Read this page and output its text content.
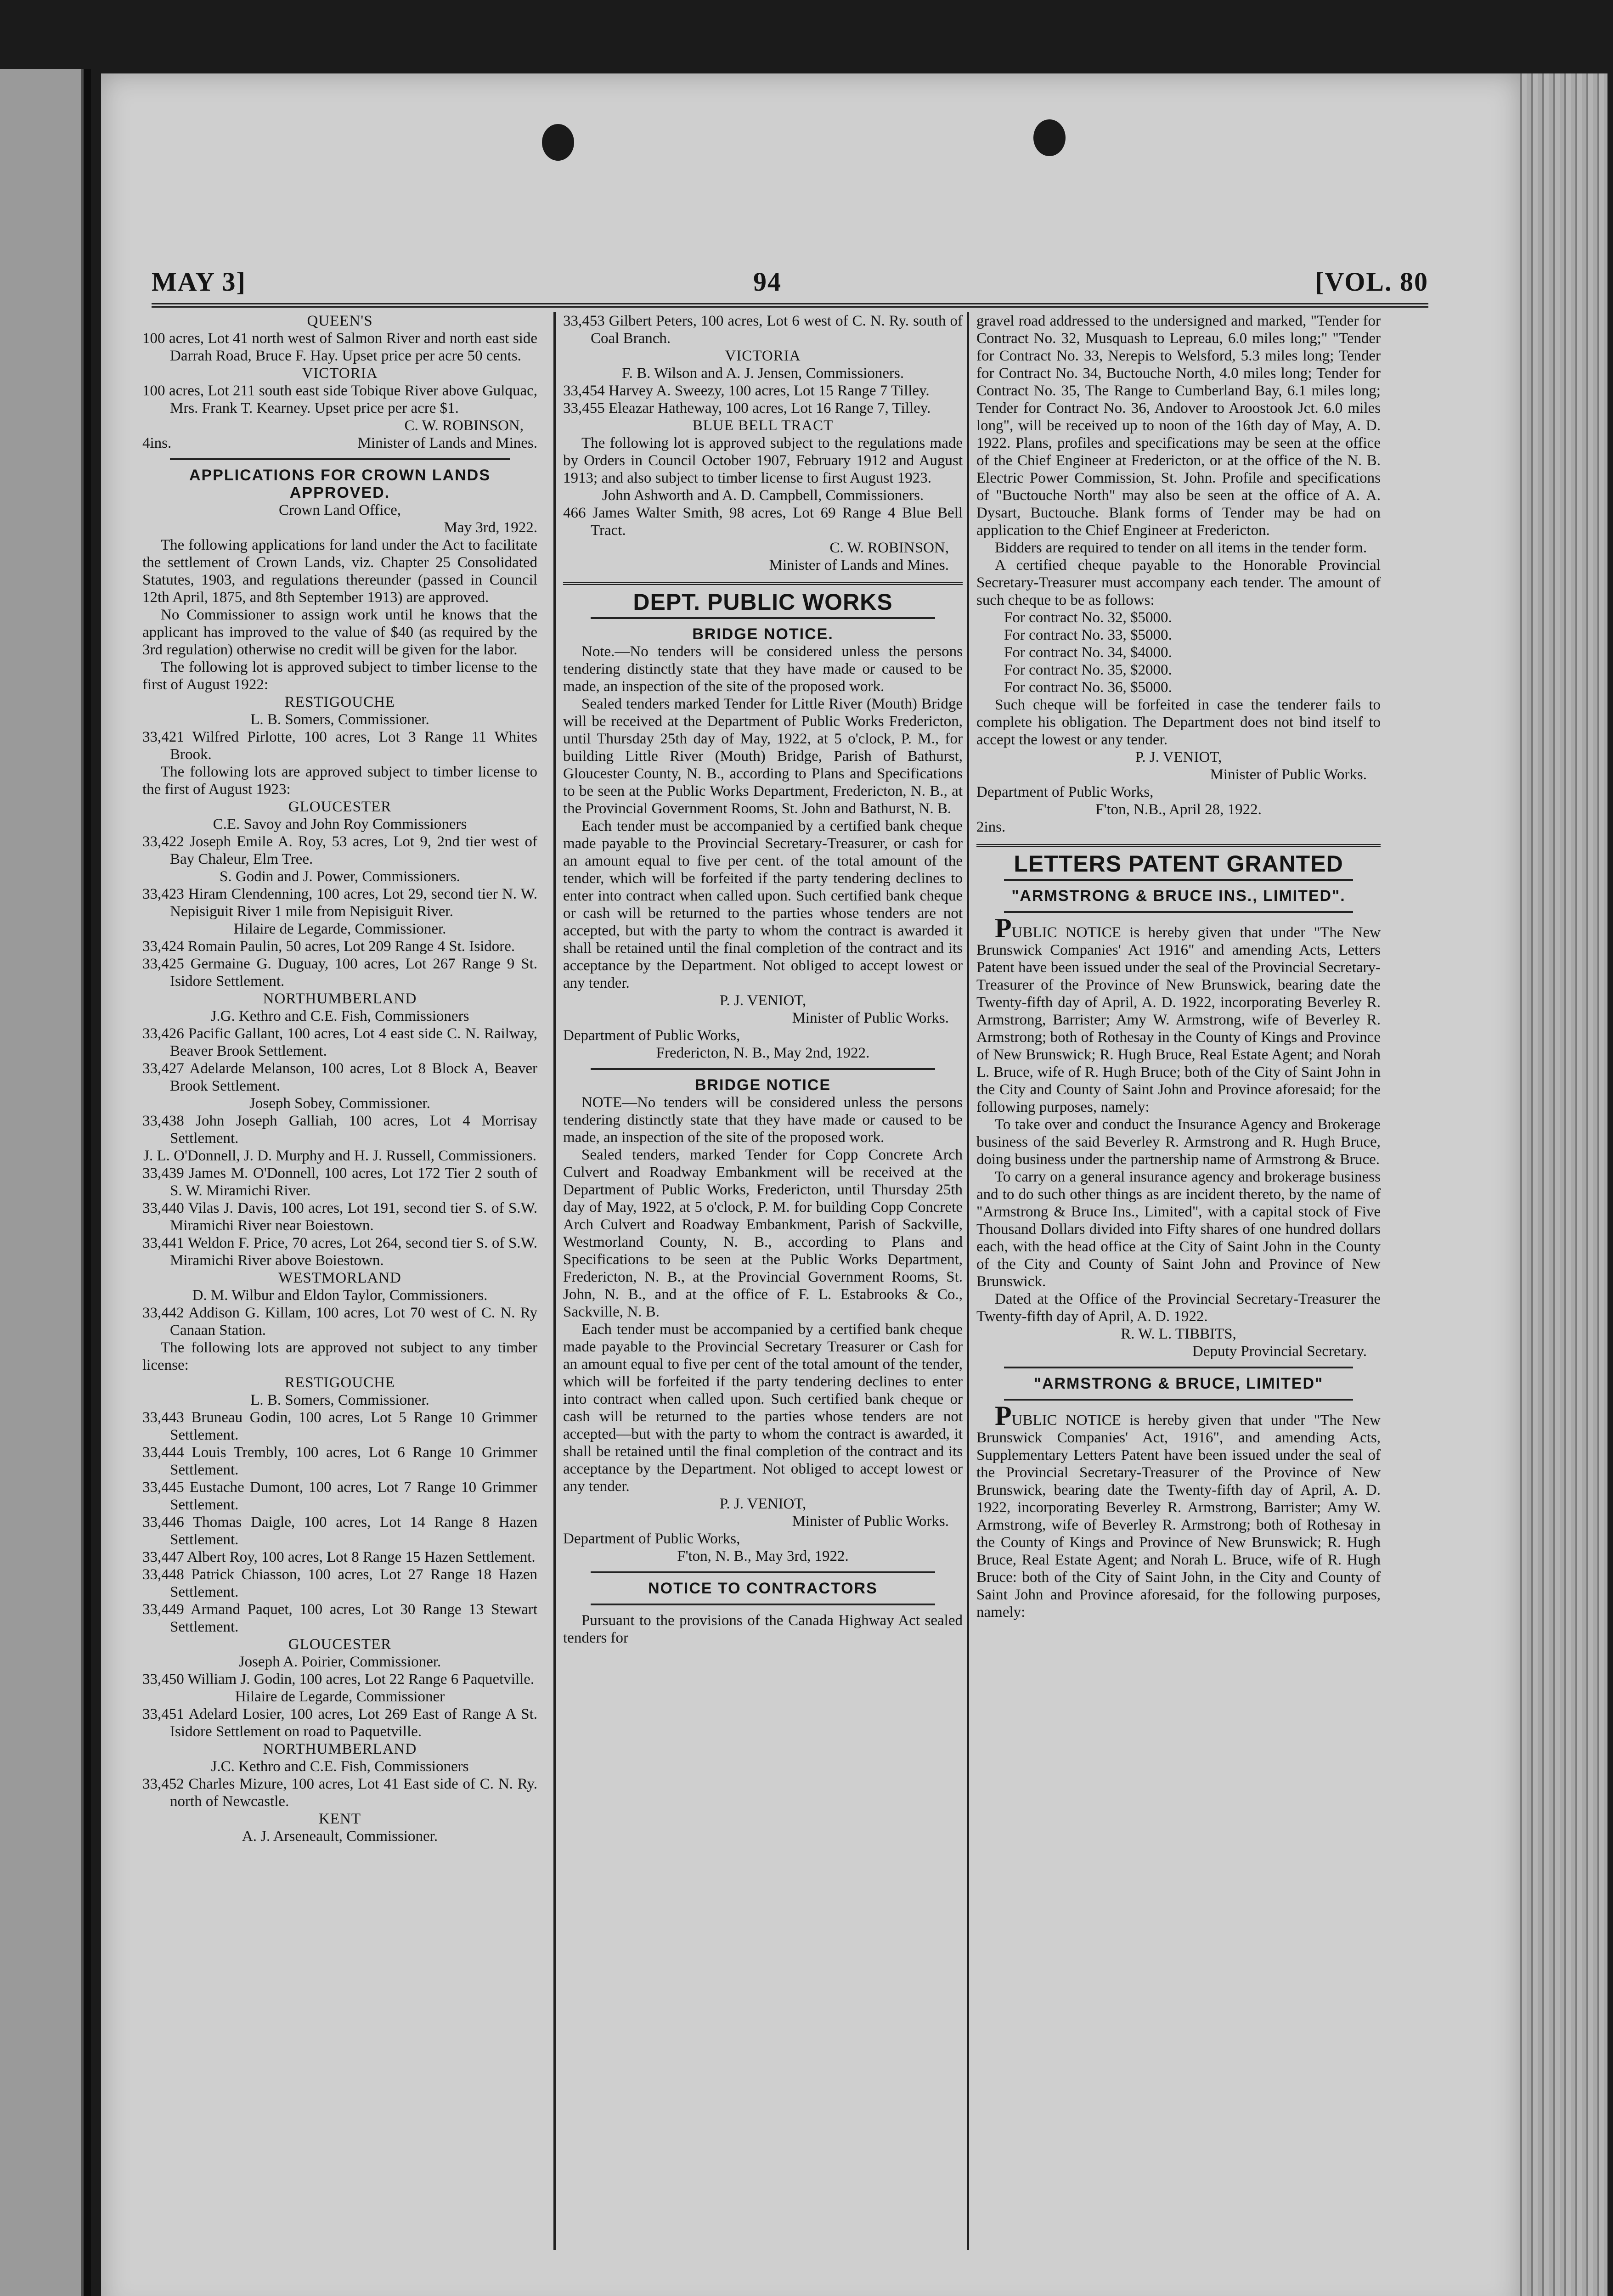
MAY 3]	94	[VOL. 80

QUEEN'S

100 acres, Lot 41 north west of Salmon River and north east side Darrah Road, Bruce F. Hay. Upset price per acre 50 cents.

VICTORIA

100 acres, Lot 211 south east side Tobique River above Gulquac, Mrs. Frank T. Kearney. Upset price per acre $1.

C. W. ROBINSON,

4ins.	Minister of Lands and Mines.

APPLICATIONS FOR CROWN LANDS APPROVED.

Crown Land Office,

May 3rd, 1922.

The following applications for land under the Act to facilitate the settlement of Crown Lands, viz. Chapter 25 Consolidated Statutes, 1903, and regulations thereunder (passed in Council 12th April, 1875, and 8th September 1913) are approved.

No Commissioner to assign work until he knows that the applicant has improved to the value of $40 (as required by the 3rd regulation) otherwise no credit will be given for the labor.

The following lot is approved subject to timber license to the first of August 1922:

RESTIGOUCHE

L. B. Somers, Commissioner.

33,421 Wilfred Pirlotte, 100 acres, Lot 3 Range 11 Whites Brook.

The following lots are approved subject to timber license to the first of August 1923:

GLOUCESTER

C.E. Savoy and John Roy Commissioners

33,422 Joseph Emile A. Roy, 53 acres, Lot 9, 2nd tier west of Bay Chaleur, Elm Tree.

S. Godin and J. Power, Commissioners.

33,423 Hiram Clendenning, 100 acres, Lot 29, second tier N. W. Nepisiguit River 1 mile from Nepisiguit River.

Hilaire de Legarde, Commissioner.

33,424 Romain Paulin, 50 acres, Lot 209 Range 4 St. Isidore.

33,425 Germaine G. Duguay, 100 acres, Lot 267 Range 9 St. Isidore Settlement.

NORTHUMBERLAND

J.G. Kethro and C.E. Fish, Commissioners

33,426 Pacific Gallant, 100 acres, Lot 4 east side C. N. Railway, Beaver Brook Settlement.

33,427 Adelarde Melanson, 100 acres, Lot 8 Block A, Beaver Brook Settlement.

Joseph Sobey, Commissioner.

33,438 John Joseph Galliah, 100 acres, Lot 4 Morrisay Settlement.

J. L. O'Donnell, J. D. Murphy and H. J. Russell, Commissioners.

33,439 James M. O'Donnell, 100 acres, Lot 172 Tier 2 south of S. W. Miramichi River.

33,440 Vilas J. Davis, 100 acres, Lot 191, second tier S. of S.W. Miramichi River near Boiestown.

33,441 Weldon F. Price, 70 acres, Lot 264, second tier S. of S.W. Miramichi River above Boiestown.

WESTMORLAND

D. M. Wilbur and Eldon Taylor, Commissioners.

33,442 Addison G. Killam, 100 acres, Lot 70 west of C. N. Ry Canaan Station.

The following lots are approved not subject to any timber license:

RESTIGOUCHE

L. B. Somers, Commissioner.

33,443 Bruneau Godin, 100 acres, Lot 5 Range 10 Grimmer Settlement.

33,444 Louis Trembly, 100 acres, Lot 6 Range 10 Grimmer Settlement.

33,445 Eustache Dumont, 100 acres, Lot 7 Range 10 Grimmer Settlement.

33,446 Thomas Daigle, 100 acres, Lot 14 Range 8 Hazen Settlement.

33,447 Albert Roy, 100 acres, Lot 8 Range 15 Hazen Settlement.

33,448 Patrick Chiasson, 100 acres, Lot 27 Range 18 Hazen Settlement.

33,449 Armand Paquet, 100 acres, Lot 30 Range 13 Stewart Settlement.

GLOUCESTER

Joseph A. Poirier, Commissioner.

33,450 William J. Godin, 100 acres, Lot 22 Range 6 Paquetville.

Hilaire de Legarde, Commissioner

33,451 Adelard Losier, 100 acres, Lot 269 East of Range A St. Isidore Settlement on road to Paquetville.

NORTHUMBERLAND

J.C. Kethro and C.E. Fish, Commissioners

33,452 Charles Mizure, 100 acres, Lot 41 East side of C. N. Ry. north of Newcastle.

KENT

A. J. Arseneault, Commissioner.

33,453 Gilbert Peters, 100 acres, Lot 6 west of C. N. Ry. south of Coal Branch.

VICTORIA

F. B. Wilson and A. J. Jensen, Commissioners.

33,454 Harvey A. Sweezy, 100 acres, Lot 15 Range 7 Tilley.

33,455 Eleazar Hatheway, 100 acres, Lot 16 Range 7, Tilley.

BLUE BELL TRACT

The following lot is approved subject to the regulations made by Orders in Council October 1907, February 1912 and August 1913; and also subject to timber license to first August 1923.

John Ashworth and A. D. Campbell, Commissioners.

466 James Walter Smith, 98 acres, Lot 69 Range 4 Blue Bell Tract.

C. W. ROBINSON,

Minister of Lands and Mines.

DEPT. PUBLIC WORKS

BRIDGE NOTICE.

Note.—No tenders will be considered unless the persons tendering distinctly state that they have made or caused to be made, an inspection of the site of the proposed work.

Sealed tenders marked Tender for Little River (Mouth) Bridge will be received at the Department of Public Works Fredericton, until Thursday 25th day of May, 1922, at 5 o'clock, P. M., for building Little River (Mouth) Bridge, Parish of Bathurst, Gloucester County, N. B., according to Plans and Specifications to be seen at the Public Works Department, Fredericton, N. B., at the Provincial Government Rooms, St. John and Bathurst, N. B.

Each tender must be accompanied by a certified bank cheque made payable to the Provincial Secretary-Treasurer, or cash for an amount equal to five per cent. of the total amount of the tender, which will be forfeited if the party tendering declines to enter into contract when called upon. Such certified bank cheque or cash will be returned to the parties whose tenders are not accepted, but with the party to whom the contract is awarded it shall be retained until the final completion of the contract and its acceptance by the Department. Not obliged to accept lowest or any tender.

P. J. VENIOT,

Minister of Public Works.

Department of Public Works,

Fredericton, N. B., May 2nd, 1922.

BRIDGE NOTICE

NOTE—No tenders will be considered unless the persons tendering distinctly state that they have made or caused to be made, an inspection of the site of the proposed work.

Sealed tenders, marked Tender for Copp Concrete Arch Culvert and Roadway Embankment will be received at the Department of Public Works, Fredericton, until Thursday 25th day of May, 1922, at 5 o'clock, P. M. for building Copp Concrete Arch Culvert and Roadway Embankment, Parish of Sackville, Westmorland County, N. B., according to Plans and Specifications to be seen at the Public Works Department, Fredericton, N. B., at the Provincial Government Rooms, St. John, N. B., and at the office of F. L. Estabrooks & Co., Sackville, N. B.

Each tender must be accompanied by a certified bank cheque made payable to the Provincial Secretary Treasurer or Cash for an amount equal to five per cent of the total amount of the tender, which will be forfeited if the party tendering declines to enter into contract when called upon. Such certified bank cheque or cash will be returned to the parties whose tenders are not accepted—but with the party to whom the contract is awarded, it shall be retained until the final completion of the contract and its acceptance by the Department. Not obliged to accept lowest or any tender.

P. J. VENIOT,

Minister of Public Works.

Department of Public Works,

F'ton, N. B., May 3rd, 1922.

NOTICE TO CONTRACTORS

Pursuant to the provisions of the Canada Highway Act sealed tenders for

gravel road addressed to the undersigned and marked, "Tender for Contract No. 32, Musquash to Lepreau, 6.0 miles long;" "Tender for Contract No. 33, Nerepis to Welsford, 5.3 miles long; Tender for Contract No. 34, Buctouche North, 4.0 miles long; Tender for Contract No. 35, The Range to Cumberland Bay, 6.1 miles long; Tender for Contract No. 36, Andover to Aroostook Jct. 6.0 miles long", will be received up to noon of the 16th day of May, A. D. 1922. Plans, profiles and specifications may be seen at the office of the Chief Engineer at Fredericton, or at the office of the N. B. Electric Power Commission, St. John. Profile and specifications of "Buctouche North" may also be seen at the office of A. A. Dysart, Buctouche. Blank forms of Tender may be had on application to the Chief Engineer at Fredericton.

Bidders are required to tender on all items in the tender form.

A certified cheque payable to the Honorable Provincial Secretary-Treasurer must accompany each tender. The amount of such cheque to be as follows:

For contract No. 32, $5000.

For contract No. 33, $5000.

For contract No. 34, $4000.

For contract No. 35, $2000.

For contract No. 36, $5000.

Such cheque will be forfeited in case the tenderer fails to complete his obligation. The Department does not bind itself to accept the lowest or any tender.

P. J. VENIOT,

Minister of Public Works.

Department of Public Works,

F'ton, N.B., April 28, 1922.

2ins.

LETTERS PATENT GRANTED

"ARMSTRONG & BRUCE INS., LIMITED".

PUBLIC NOTICE is hereby given that under "The New Brunswick Companies' Act 1916" and amending Acts, Letters Patent have been issued under the seal of the Provincial Secretary-Treasurer of the Province of New Brunswick, bearing date the Twenty-fifth day of April, A. D. 1922, incorporating Beverley R. Armstrong, Barrister; Amy W. Armstrong, wife of Beverley R. Armstrong; both of Rothesay in the County of Kings and Province of New Brunswick; R. Hugh Bruce, Real Estate Agent; and Norah L. Bruce, wife of R. Hugh Bruce; both of the City of Saint John in the City and County of Saint John and Province aforesaid; for the following purposes, namely:

To take over and conduct the Insurance Agency and Brokerage business of the said Beverley R. Armstrong and R. Hugh Bruce, doing business under the partnership name of Armstrong & Bruce.

To carry on a general insurance agency and brokerage business and to do such other things as are incident thereto, by the name of "Armstrong & Bruce Ins., Limited", with a capital stock of Five Thousand Dollars divided into Fifty shares of one hundred dollars each, with the head office at the City of Saint John in the County of the City and County of Saint John and Province of New Brunswick.

Dated at the Office of the Provincial Secretary-Treasurer the Twenty-fifth day of April, A. D. 1922.

R. W. L. TIBBITS,

Deputy Provincial Secretary.

"ARMSTRONG & BRUCE, LIMITED"

PUBLIC NOTICE is hereby given that under "The New Brunswick Companies' Act, 1916", and amending Acts, Supplementary Letters Patent have been issued under the seal of the Provincial Secretary-Treasurer of the Province of New Brunswick, bearing date the Twenty-fifth day of April, A. D. 1922, incorporating Beverley R. Armstrong, Barrister; Amy W. Armstrong, wife of Beverley R. Armstrong; both of Rothesay in the County of Kings and Province of New Brunswick; R. Hugh Bruce, Real Estate Agent; and Norah L. Bruce, wife of R. Hugh Bruce: both of the City of Saint John, in the City and County of Saint John and Province aforesaid, for the following purposes, namely:
